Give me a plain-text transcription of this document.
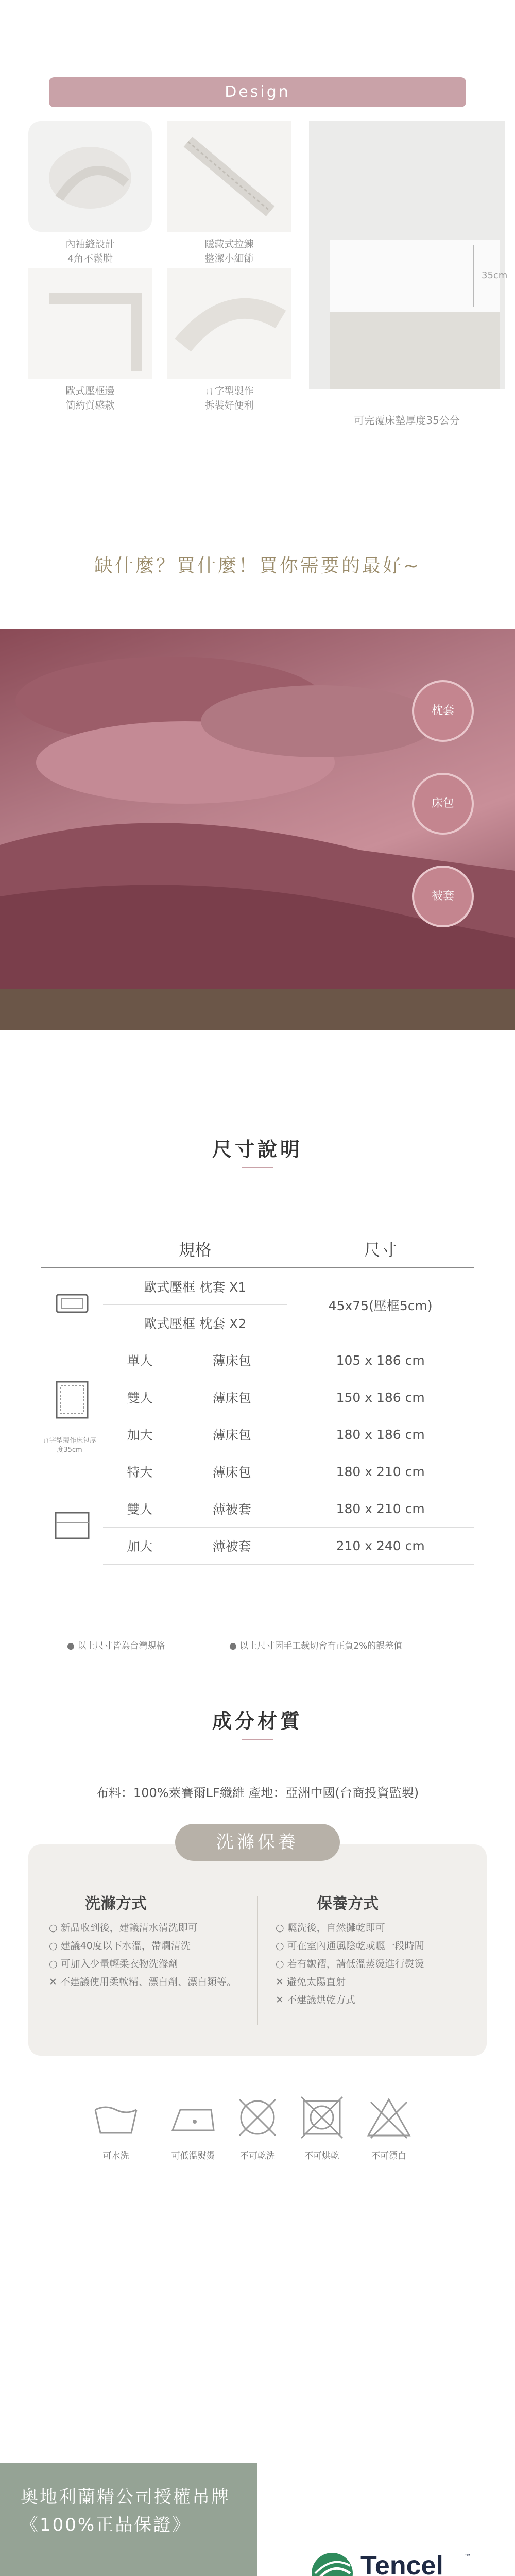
Design
內袖縫設計
4角不鬆脫
隱藏式拉鍊
整潔小細節
歐式壓框邊
簡約質感款
ㄇ字型製作
拆裝好便利
35cm
可完覆床墊厚度35公分
缺什麼？買什麼！買你需要的最好~
枕套
床包
被套
尺寸說明
	規格		尺寸
	歐式壓框 枕套 X1		45x75(壓框5cm)
	歐式壓框 枕套 X2		

ㄇ字型製作床包厚度35cm	單人	薄床包	105 x 186 cm
	雙人	薄床包	150 x 186 cm
	加大	薄床包	180 x 186 cm
	特大	薄床包	180 x 210 cm
	雙人	薄被套	180 x 210 cm
	加大	薄被套	210 x 240 cm
● 以上尺寸皆為台灣規格	● 以上尺寸因手工裁切會有正負2%的誤差值
成分材質
布料：100%萊賽爾LF纖維 產地：亞洲中國(台商投資監製)
洗滌方式
○ 新品收到後，建議清水清洗即可
○ 建議40度以下水溫，帶爛清洗
○ 可加入少量輕柔衣物洗滌劑
✕ 不建議使用柔軟精、漂白劑、漂白類等。
保養方式
○ 曬洗後，自然攤乾即可
○ 可在室內通風陰乾或曬一段時間
○ 若有皺褶，請低溫蒸燙進行熨燙
✕ 避免太陽直射
✕ 不建議烘乾方式
洗滌保養
可水洗	可低溫熨燙	不可乾洗	不可烘乾	不可漂白
奧地利蘭精公司授權吊牌
《100%正品保證》
Tencel ™
